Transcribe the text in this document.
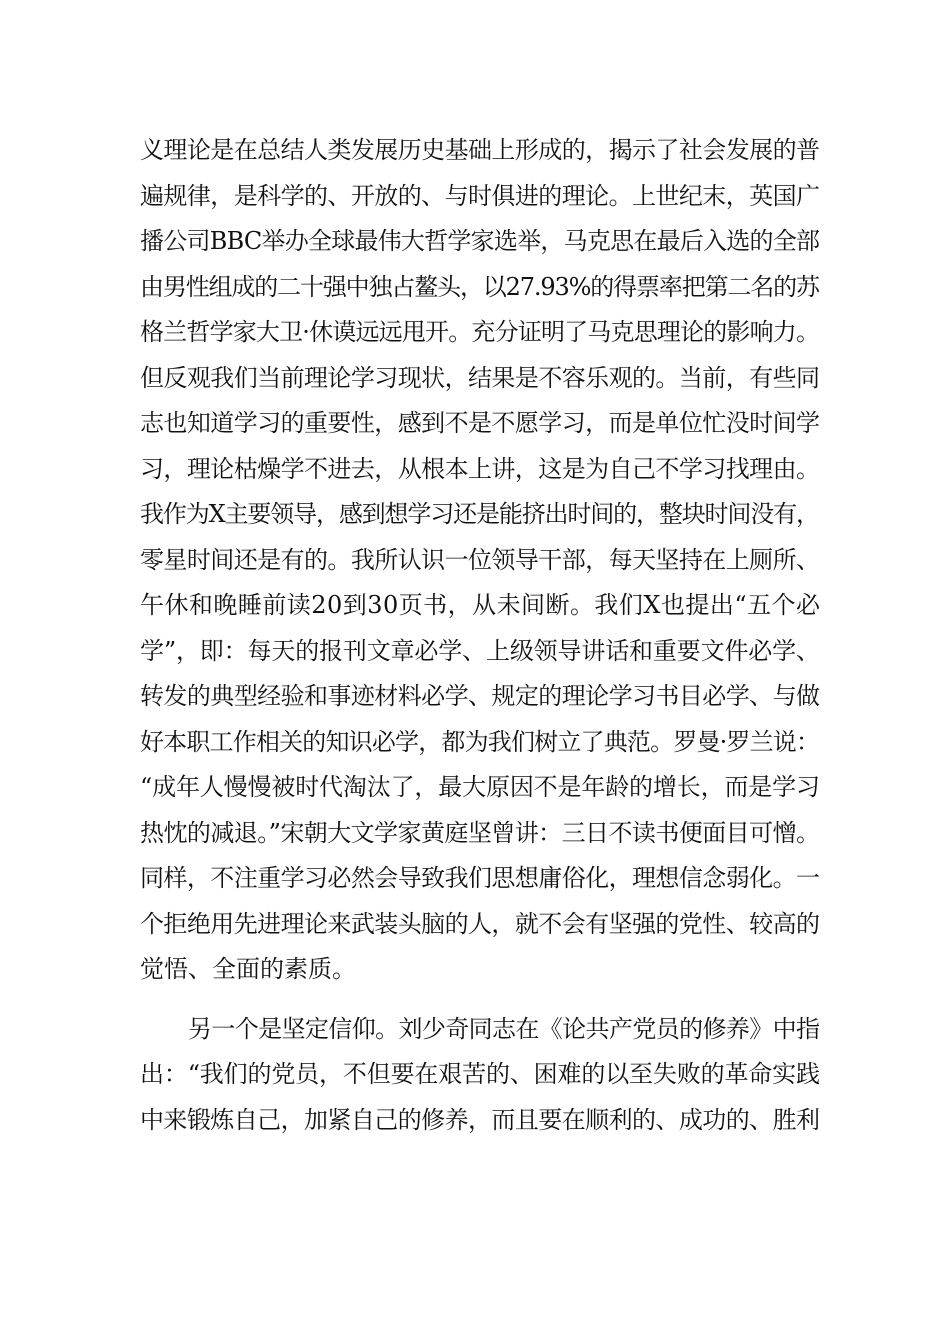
义理论是在总结人类发展历史基础上形成的，揭示了社会发展的普
遍规律，是科学的、开放的、与时俱进的理论。上世纪末，英国广
播公司BBC举办全球最伟大哲学家选举，马克思在最后入选的全部
由男性组成的二十强中独占鳌头，以27.93%的得票率把第二名的苏
格兰哲学家大卫·休谟远远甩开。充分证明了马克思理论的影响力。
但反观我们当前理论学习现状，结果是不容乐观的。当前，有些同
志也知道学习的重要性，感到不是不愿学习，而是单位忙没时间学
习，理论枯燥学不进去，从根本上讲，这是为自己不学习找理由。
我作为X主要领导，感到想学习还是能挤出时间的，整块时间没有，
零星时间还是有的。我所认识一位领导干部，每天坚持在上厕所、
午休和晚睡前读20到30页书，从未间断。我们X也提出“五个必
学”，即：每天的报刊文章必学、上级领导讲话和重要文件必学、
转发的典型经验和事迹材料必学、规定的理论学习书目必学、与做
好本职工作相关的知识必学，都为我们树立了典范。罗曼·罗兰说：
“成年人慢慢被时代淘汰了，最大原因不是年龄的增长，而是学习
热忱的减退。”宋朝大文学家黄庭坚曾讲：三日不读书便面目可憎。
同样，不注重学习必然会导致我们思想庸俗化，理想信念弱化。一
个拒绝用先进理论来武装头脑的人，就不会有坚强的党性、较高的
觉悟、全面的素质。
另一个是坚定信仰。刘少奇同志在《论共产党员的修养》中指
出：“我们的党员，不但要在艰苦的、困难的以至失败的革命实践
中来锻炼自己，加紧自己的修养，而且要在顺利的、成功的、胜利
